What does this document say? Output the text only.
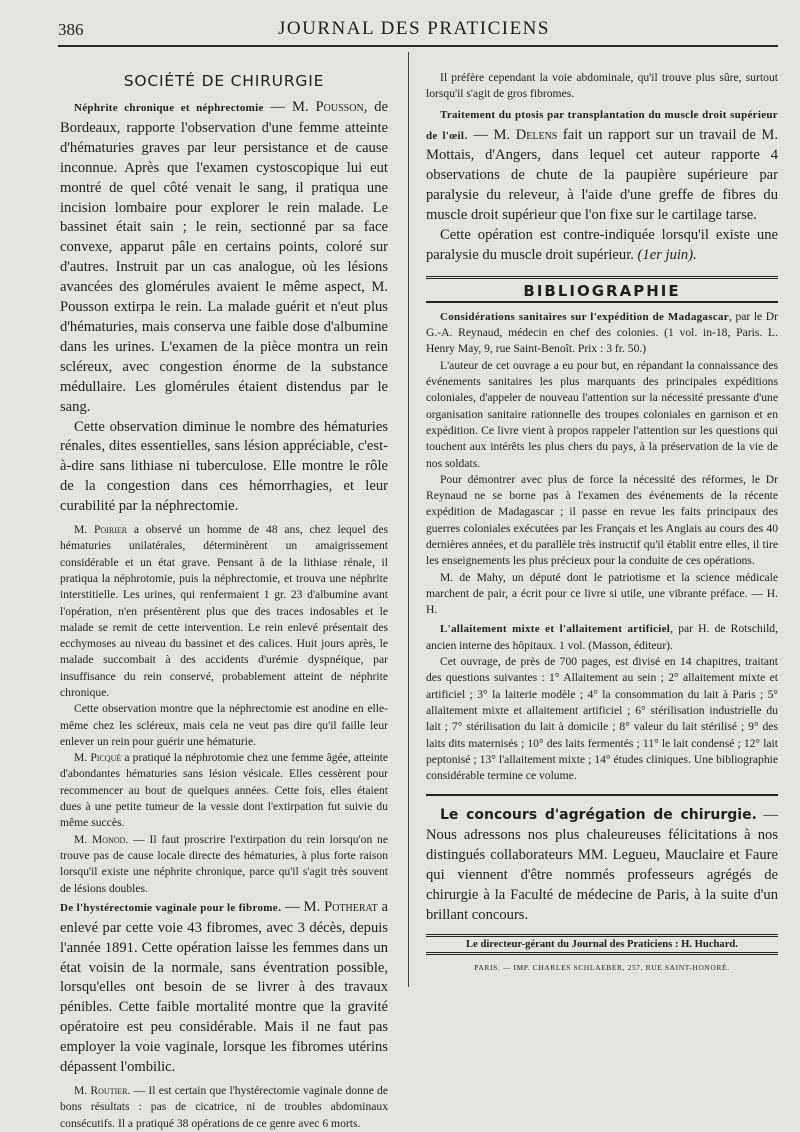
386	JOURNAL DES PRATICIENS
SOCIÉTÉ DE CHIRURGIE

Néphrite chronique et néphrectomie — M. Pousson, de Bordeaux, rapporte l'observation d'une femme atteinte d'hématuries graves par leur persistance et de cause inconnue. Après que l'examen cystoscopique lui eut montré de quel côté venait le sang, il pratiqua une incision lombaire pour explorer le rein malade. Le bassinet était sain ; le rein, sectionné par sa face convexe, apparut pâle en certains points, coloré sur d'autres. Instruit par un cas analogue, où les lésions avancées des glomérules avaient le même aspect, M. Pousson extirpa le rein. La malade guérit et n'eut plus d'hématuries, mais conserva une faible dose d'albumine dans les urines. L'examen de la pièce montra un rein scléreux, avec congestion énorme de la substance médullaire. Les glomérules étaient distendus par le sang.

Cette observation diminue le nombre des hématuries rénales, dites essentielles, sans lésion appréciable, c'est-à-dire sans lithiase ni tuberculose. Elle montre le rôle de la congestion dans ces hémorrhagies, et leur curabilité par la néphrectomie.

M. Poirier a observé un homme de 48 ans, chez lequel des hématuries unilatérales, déterminèrent un amaigrissement considérable et un état grave. Pensant à de la lithiase rénale, il pratiqua la néphrotomie, puis la néphrectomie, et trouva une néphrite interstitielle. Les urines, qui renfermaient 1 gr. 23 d'albumine avant l'opération, n'en présentèrent plus que des traces indosables et le malade se remit de cette intervention. Le rein enlevé présentait des ecchymoses au niveau du bassinet et des calices. Huit jours après, le malade succombait à des accidents d'urémie dyspnéique, par insuffisance du rein conservé, probablement atteint de néphrite chronique.

Cette observation montre que la néphrectomie est anodine en elle-même chez les scléreux, mais cela ne veut pas dire qu'il faille leur enlever un rein pour guérir une hématurie.

M. Picqué a pratiqué la néphrotomie chez une femme âgée, atteinte d'abondantes hématuries sans lésion vésicale. Elles cessèrent pour recommencer au bout de quelques années. Cette fois, elles étaient dues à une petite tumeur de la vessie dont l'extirpation fut suivie du même succès.

M. Monod. — Il faut proscrire l'extirpation du rein lorsqu'on ne trouve pas de cause locale directe des hématuries, à plus forte raison lorsqu'il existe une néphrite chronique, parce qu'il s'agit très souvent de lésions doubles.

De l'hystérectomie vaginale pour le fibrome. — M. Potherat a enlevé par cette voie 43 fibromes, avec 3 décès, depuis l'année 1891. Cette opération laisse les femmes dans un état voisin de la normale, sans éventration possible, lorsqu'elles ont besoin de se livrer à des travaux pénibles. Cette faible mortalité montre que la gravité opératoire est peu considérable. Mais il ne faut pas employer la voie vaginale, lorsque les fibromes utérins dépassent l'ombilic.

M. Routier. — Il est certain que l'hystérectomie vaginale donne de bons résultats : pas de cicatrice, ni de troubles abdominaux consécutifs. Il a pratiqué 38 opérations de ce genre avec 6 morts.

Il préfère cependant la voie abdominale, qu'il trouve plus sûre, surtout lorsqu'il s'agit de gros fibromes.

Traitement du ptosis par transplantation du muscle droit supérieur de l'œil. — M. Delens fait un rapport sur un travail de M. Mottais, d'Angers, dans lequel cet auteur rapporte 4 observations de chute de la paupière supérieure par paralysie du releveur, à l'aide d'une greffe de fibres du muscle droit supérieur que l'on fixe sur le cartilage tarse.

Cette opération est contre-indiquée lorsqu'il existe une paralysie du muscle droit supérieur. (1er juin).

BIBLIOGRAPHIE

Considérations sanitaires sur l'expédition de Madagascar, par le Dr G.-A. Reynaud, médecin en chef des colonies. (1 vol. in-18, Paris. L. Henry May, 9, rue Saint-Benoît. Prix : 3 fr. 50.)

L'auteur de cet ouvrage a eu pour but, en répandant la connaissance des événements sanitaires les plus marquants des principales expéditions coloniales, d'appeler de nouveau l'attention sur la nécessité pressante d'une organisation sanitaire rationnelle des troupes coloniales en garnison et en expédition. Ce livre vient à propos rappeler l'attention sur les questions qui touchent aux intérêts les plus chers du pays, à la préservation de la vie de nos soldats.

Pour démontrer avec plus de force la nécessité des réformes, le Dr Reynaud ne se borne pas à l'examen des événements de la récente expédition de Madagascar ; il passe en revue les faits principaux des guerres coloniales exécutées par les Français et les Anglais au cours des 40 dernières années, et du parallèle très instructif qu'il établit entre elles, il tire les enseignements les plus précieux pour la conduite de ces opérations.

M. de Mahy, un député dont le patriotisme et la science médicale marchent de pair, a écrit pour ce livre si utile, une vibrante préface. — H. H.

L'allaitement mixte et l'allaitement artificiel, par H. de Rotschild, ancien interne des hôpitaux. 1 vol. (Masson, éditeur).

Cet ouvrage, de près de 700 pages, est divisé en 14 chapitres, traitant des questions suivantes : 1° Allaitement au sein ; 2° allaitement mixte et artificiel ; 3° la laiterie modèle ; 4° la consommation du lait à Paris ; 5° allaitement mixte et allaitement artificiel ; 6° stérilisation industrielle du lait ; 7° stérilisation du lait à domicile ; 8° valeur du lait stérilisé ; 9° des laits dits maternisés ; 10° des laits fermentés ; 11° le lait condensé ; 12° lait peptonisé ; 13° l'allaitement mixte ; 14° études cliniques. Une bibliographie considérable termine ce volume.

Le concours d'agrégation de chirurgie. — Nous adressons nos plus chaleureuses félicitations à nos distingués collaborateurs MM. Legueu, Mauclaire et Faure qui viennent d'être nommés professeurs agrégés de chirurgie à la Faculté de médecine de Paris, à la suite d'un brillant concours.

Le directeur-gérant du Journal des Praticiens : H. Huchard.
PARIS. — IMP. CHARLES SCHLAEBER, 257, RUE SAINT-HONORÉ.
